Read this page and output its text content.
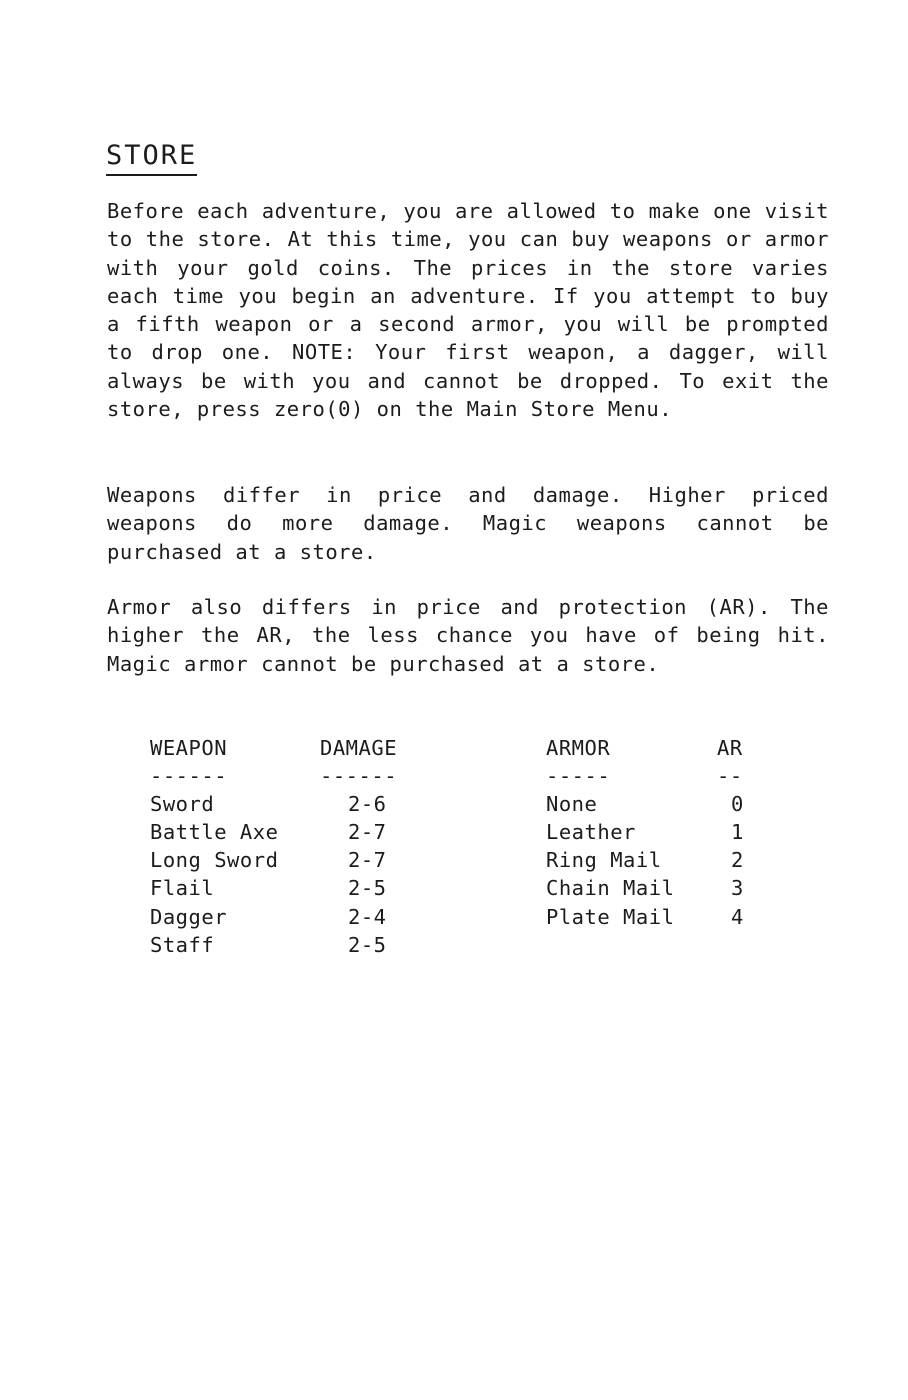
STORE

Before each adventure, you are allowed to make one visit to the store. At this time, you can buy weapons or armor with your gold coins. The prices in the store varies each time you begin an adventure. If you attempt to buy a fifth weapon or a second armor, you will be prompted to drop one. NOTE: Your first weapon, a dagger, will always be with you and cannot be dropped. To exit the store, press zero(0) on the Main Store Menu.

Weapons differ in price and damage. Higher priced weapons do more damage. Magic weapons cannot be purchased at a store.

Armor also differs in price and protection (AR). The higher the AR, the less chance you have of being hit. Magic armor cannot be purchased at a store.

WEAPON	DAMAGE
------	------
Sword	2-6
Battle Axe	2-7
Long Sword	2-7
Flail	2-5
Dagger	2-4
Staff	2-5
ARMOR	AR
-----	--
None	0
Leather	1
Ring Mail	2
Chain Mail	3
Plate Mail	4
